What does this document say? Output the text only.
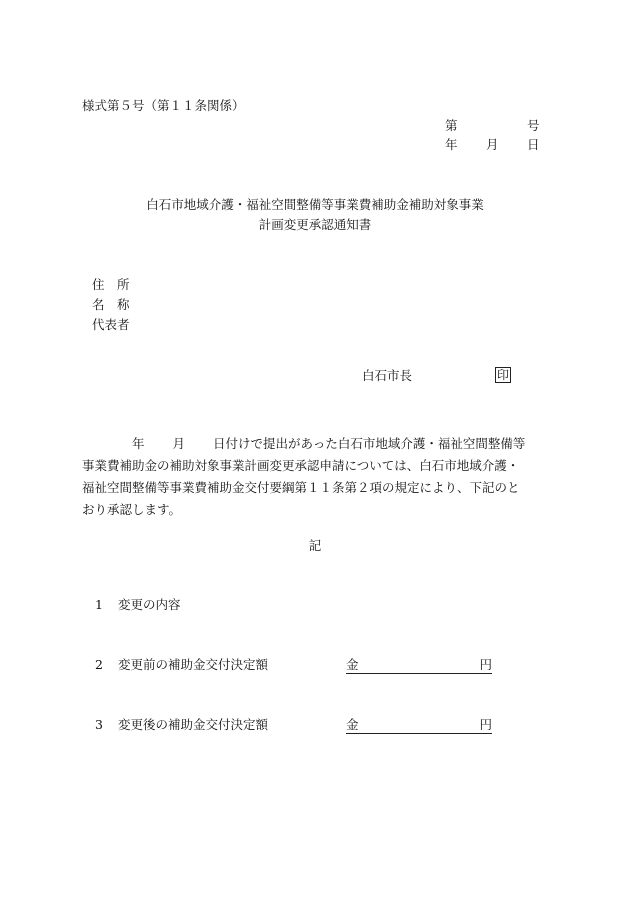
様式第５号（第１１条関係）
第	号
年 月 日
白石市地域介護・福祉空間整備等事業費補助金補助対象事業
計画変更承認通知書
住　所
名　称
代表者
白石市長	印
年 月 日付けで提出があった白石市地域介護・福祉空間整備等
事業費補助金の補助対象事業計画変更承認申請については、白石市地域介護・
福祉空間整備等事業費補助金交付要綱第１１条第２項の規定により、下記のと
おり承認します。
記
1 変更の内容
2 変更前の補助金交付決定額	金	円
3 変更後の補助金交付決定額	金	円
